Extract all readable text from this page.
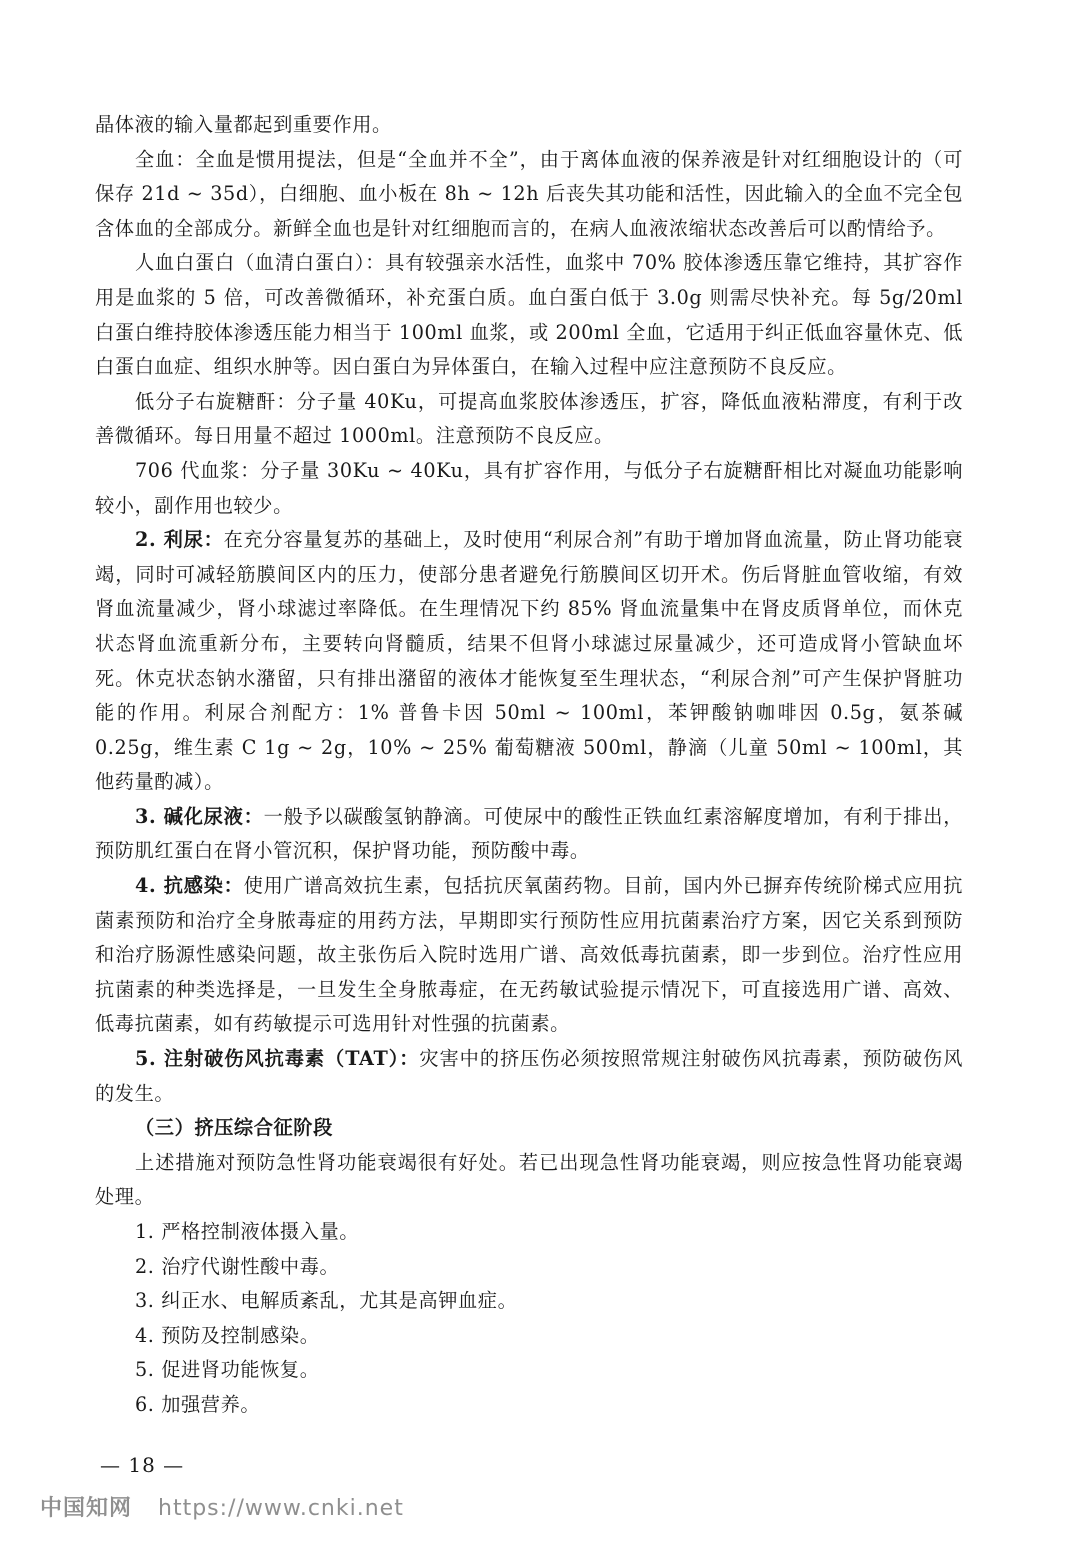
晶体液的输入量都起到重要作用。

全血：全血是惯用提法，但是“全血并不全”，由于离体血液的保养液是针对红细胞设计的（可保存 21d ~ 35d），白细胞、血小板在 8h ~ 12h 后丧失其功能和活性，因此输入的全血不完全包含体血的全部成分。新鲜全血也是针对红细胞而言的，在病人血液浓缩状态改善后可以酌情给予。

人血白蛋白（血清白蛋白）：具有较强亲水活性，血浆中 70% 胶体渗透压靠它维持，其扩容作用是血浆的 5 倍，可改善微循环，补充蛋白质。血白蛋白低于 3.0g 则需尽快补充。每 5g/20ml 白蛋白维持胶体渗透压能力相当于 100ml 血浆，或 200ml 全血，它适用于纠正低血容量休克、低白蛋白血症、组织水肿等。因白蛋白为异体蛋白，在输入过程中应注意预防不良反应。

低分子右旋糖酐：分子量 40Ku，可提高血浆胶体渗透压，扩容，降低血液粘滞度，有利于改善微循环。每日用量不超过 1000ml。注意预防不良反应。

706 代血浆：分子量 30Ku ~ 40Ku，具有扩容作用，与低分子右旋糖酐相比对凝血功能影响较小，副作用也较少。

2. 利尿：在充分容量复苏的基础上，及时使用“利尿合剂”有助于增加肾血流量，防止肾功能衰竭，同时可减轻筋膜间区内的压力，使部分患者避免行筋膜间区切开术。伤后肾脏血管收缩，有效肾血流量减少，肾小球滤过率降低。在生理情况下约 85% 肾血流量集中在肾皮质肾单位，而休克状态肾血流重新分布，主要转向肾髓质，结果不但肾小球滤过尿量减少，还可造成肾小管缺血坏死。休克状态钠水潴留，只有排出潴留的液体才能恢复至生理状态，“利尿合剂”可产生保护肾脏功能的作用。利尿合剂配方：1% 普鲁卡因 50ml ~ 100ml，苯钾酸钠咖啡因 0.5g，氨茶碱 0.25g，维生素 C 1g ~ 2g，10% ~ 25% 葡萄糖液 500ml，静滴（儿童 50ml ~ 100ml，其他药量酌减）。

3. 碱化尿液：一般予以碳酸氢钠静滴。可使尿中的酸性正铁血红素溶解度增加，有利于排出，预防肌红蛋白在肾小管沉积，保护肾功能，预防酸中毒。

4. 抗感染：使用广谱高效抗生素，包括抗厌氧菌药物。目前，国内外已摒弃传统阶梯式应用抗菌素预防和治疗全身脓毒症的用药方法，早期即实行预防性应用抗菌素治疗方案，因它关系到预防和治疗肠源性感染问题，故主张伤后入院时选用广谱、高效低毒抗菌素，即一步到位。治疗性应用抗菌素的种类选择是，一旦发生全身脓毒症，在无药敏试验提示情况下，可直接选用广谱、高效、低毒抗菌素，如有药敏提示可选用针对性强的抗菌素。

5. 注射破伤风抗毒素（TAT）：灾害中的挤压伤必须按照常规注射破伤风抗毒素，预防破伤风的发生。

（三）挤压综合征阶段

上述措施对预防急性肾功能衰竭很有好处。若已出现急性肾功能衰竭，则应按急性肾功能衰竭处理。

1. 严格控制液体摄入量。
2. 治疗代谢性酸中毒。
3. 纠正水、电解质紊乱，尤其是高钾血症。
4. 预防及控制感染。
5. 促进肾功能恢复。
6. 加强营养。
— 18 —
中国知网 https://www.cnki.net
